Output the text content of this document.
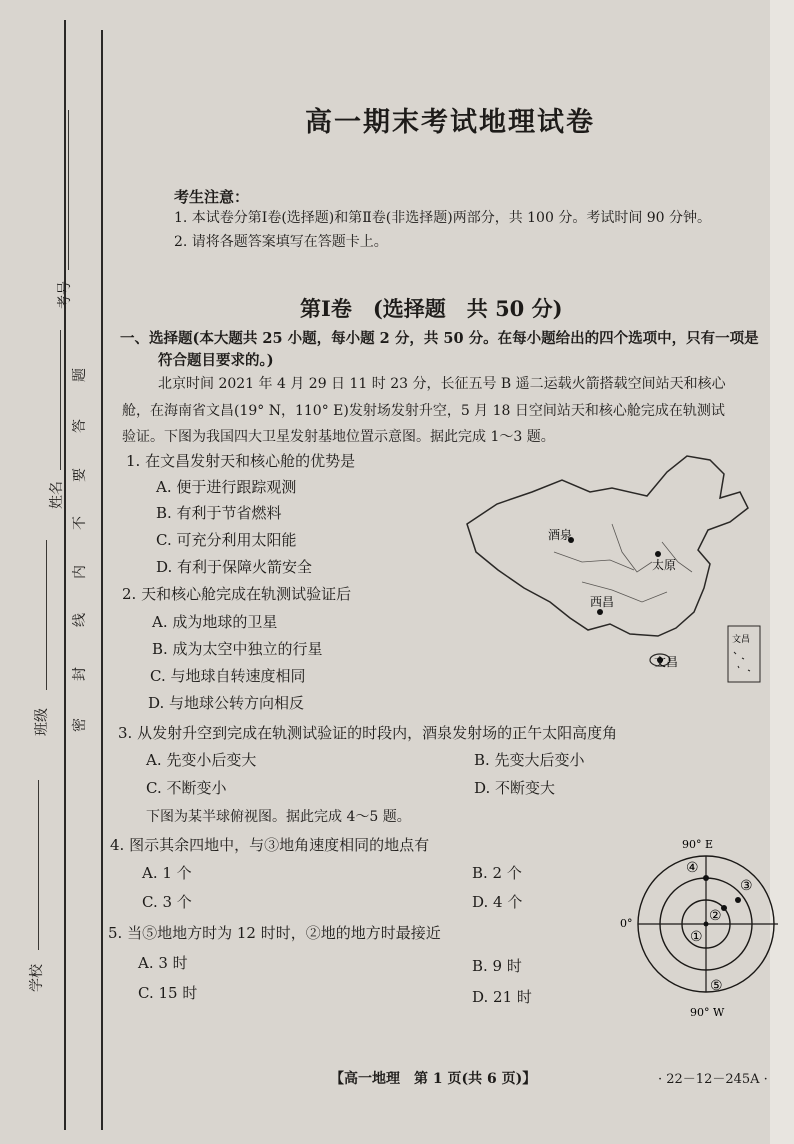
考号
姓名
班级
学校
题
答
要
不
内
线
封
密
高一期末考试地理试卷
考生注意：
1. 本试卷分第Ⅰ卷(选择题)和第Ⅱ卷(非选择题)两部分，共 100 分。考试时间 90 分钟。
2. 请将各题答案填写在答题卡上。
第Ⅰ卷　(选择题　共 50 分)
一、选择题(本大题共 25 小题，每小题 2 分，共 50 分。在每小题给出的四个选项中，只有一项是
符合题目要求的。)
北京时间 2021 年 4 月 29 日 11 时 23 分，长征五号 B 遥二运载火箭搭载空间站天和核心
舱，在海南省文昌(19° N，110° E)发射场发射升空，5 月 18 日空间站天和核心舱完成在轨测试
验证。下图为我国四大卫星发射基地位置示意图。据此完成 1～3 题。
1. 在文昌发射天和核心舱的优势是
A. 便于进行跟踪观测
B. 有利于节省燃料
C. 可充分利用太阳能
D. 有利于保障火箭安全
2. 天和核心舱完成在轨测试验证后
A. 成为地球的卫星
B. 成为太空中独立的行星
C. 与地球自转速度相同
D. 与地球公转方向相反
3. 从发射升空到完成在轨测试验证的时段内，酒泉发射场的正午太阳高度角
A. 先变小后变大	B. 先变大后变小
C. 不断变小	D. 不断变大
下图为某半球俯视图。据此完成 4～5 题。
4. 图示其余四地中，与③地角速度相同的地点有
A. 1 个	B. 2 个
C. 3 个	D. 4 个
5. 当⑤地地方时为 12 时时，②地的地方时最接近
A. 3 时	B. 9 时
C. 15 时	D. 21 时
酒泉
太原
西昌
文昌
文昌
90° E
0°
90° W
①
②
③
④
⑤
【高一地理　第 1 页(共 6 页)】	· 22－12－245A ·
